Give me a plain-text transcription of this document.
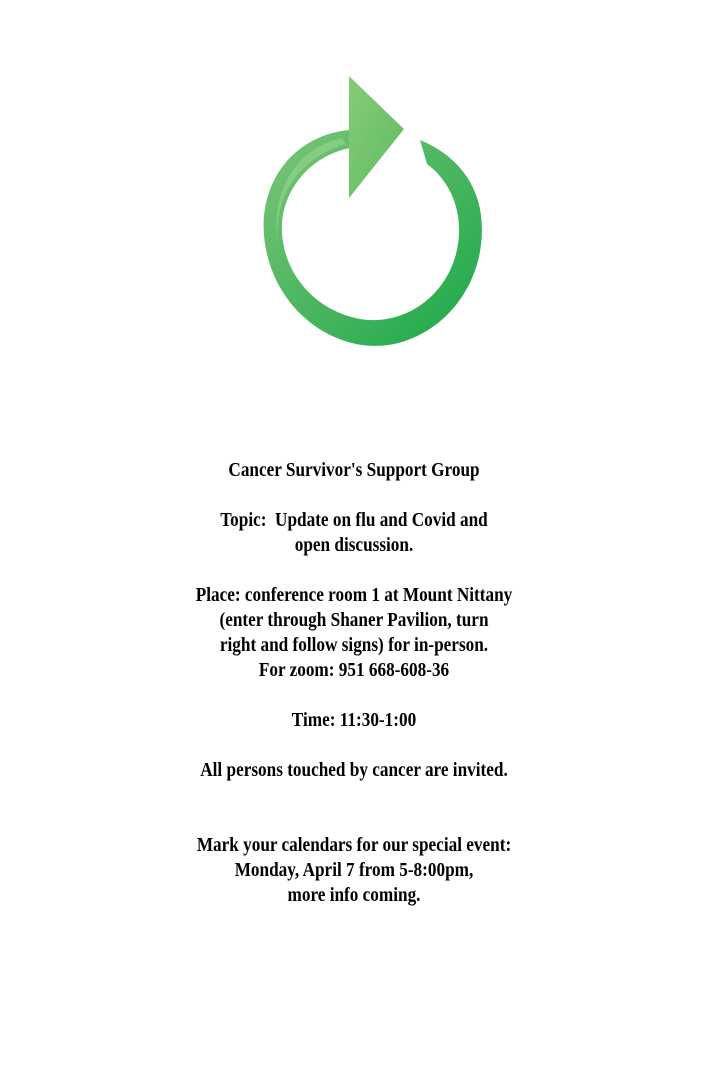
Cancer Survivor's Support Group
Topic:  Update on flu and Covid and
open discussion.
Place: conference room 1 at Mount Nittany
(enter through Shaner Pavilion, turn
right and follow signs) for in-person.
For zoom: 951 668-608-36
Time: 11:30-1:00
All persons touched by cancer are invited.
Mark your calendars for our special event:
Monday, April 7 from 5-8:00pm,
more info coming.
